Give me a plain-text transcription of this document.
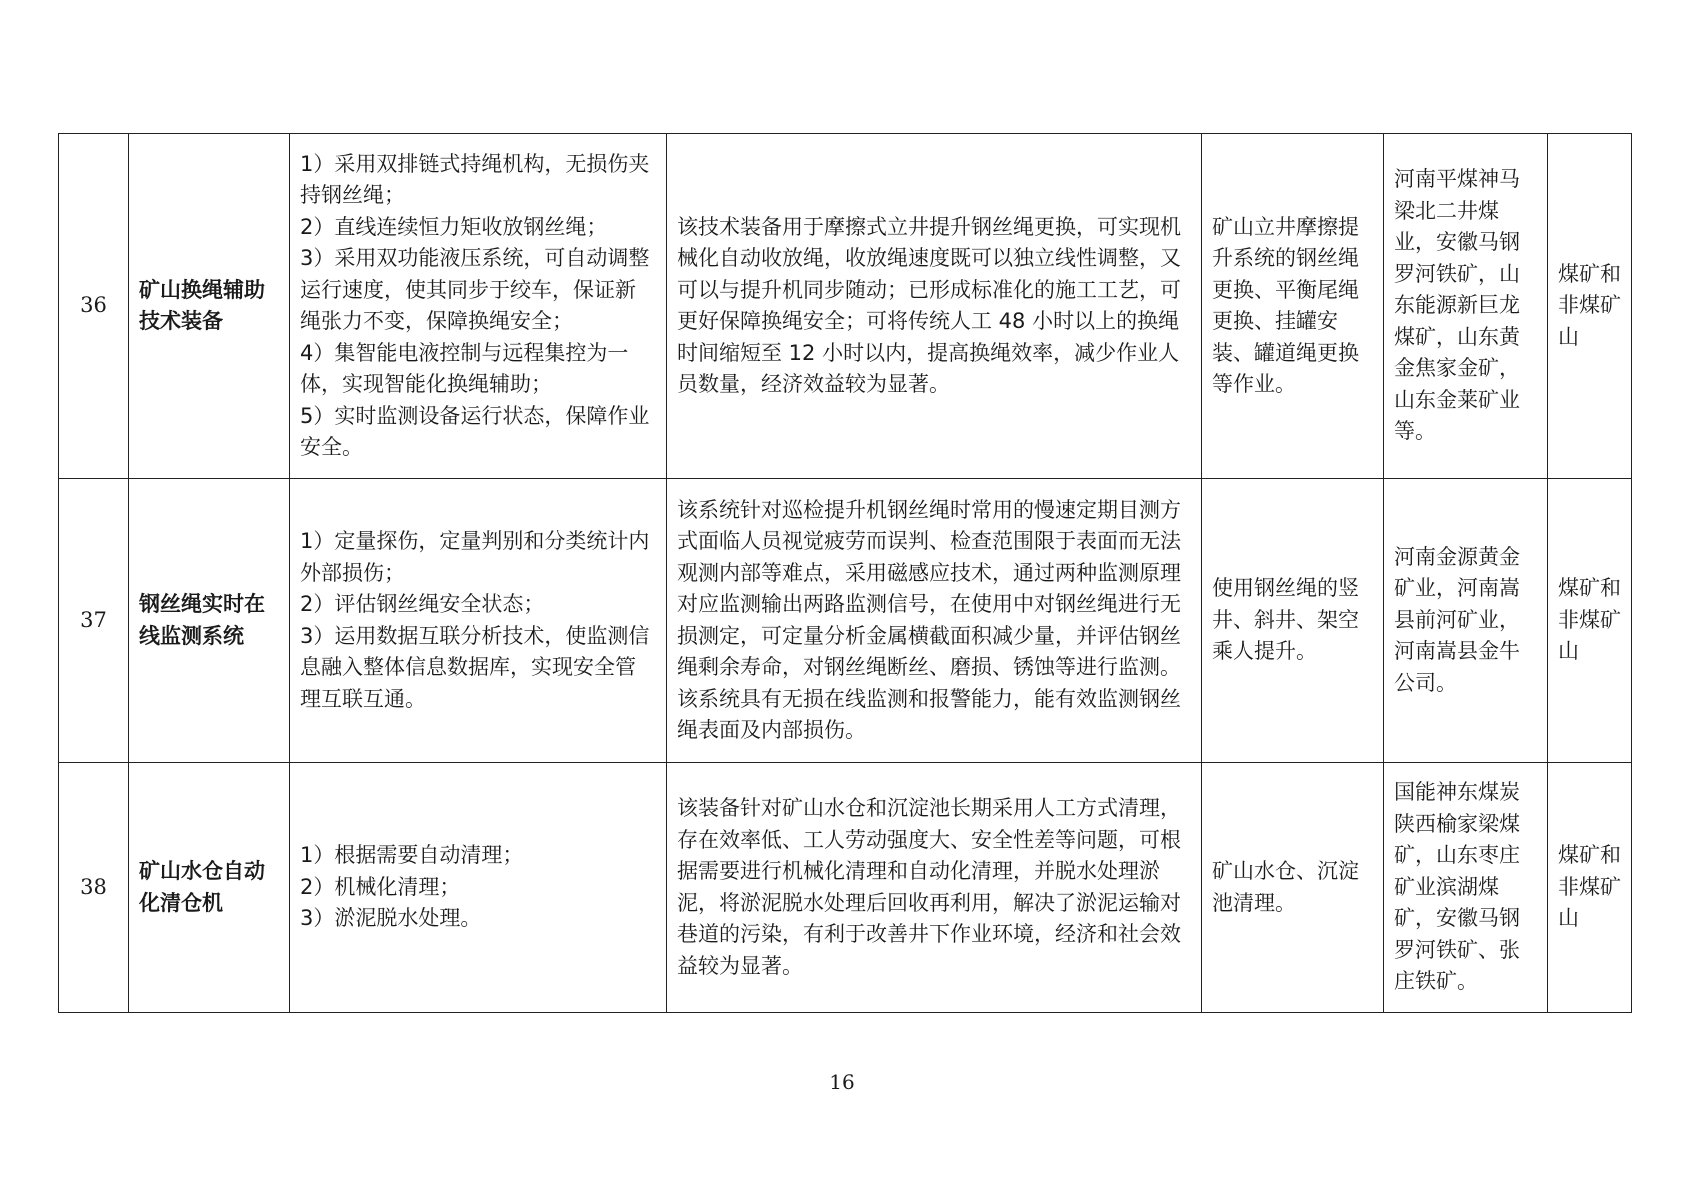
36	矿山换绳辅助技术装备	1）采用双排链式持绳机构，无损伤夹持钢丝绳；
2）直线连续恒力矩收放钢丝绳；
3）采用双功能液压系统，可自动调整运行速度，使其同步于绞车，保证新绳张力不变，保障换绳安全；
4）集智能电液控制与远程集控为一体，实现智能化换绳辅助；
5）实时监测设备运行状态，保障作业安全。	该技术装备用于摩擦式立井提升钢丝绳更换，可实现机械化自动收放绳，收放绳速度既可以独立线性调整，又可以与提升机同步随动；已形成标准化的施工工艺，可更好保障换绳安全；可将传统人工 48 小时以上的换绳时间缩短至 12 小时以内，提高换绳效率，减少作业人员数量，经济效益较为显著。	矿山立井摩擦提升系统的钢丝绳更换、平衡尾绳更换、挂罐安装、罐道绳更换等作业。	河南平煤神马梁北二井煤业，安徽马钢罗河铁矿，山东能源新巨龙煤矿，山东黄金焦家金矿，山东金莱矿业等。	煤矿和非煤矿山
37	钢丝绳实时在线监测系统	1）定量探伤，定量判别和分类统计内外部损伤；
2）评估钢丝绳安全状态；
3）运用数据互联分析技术，使监测信息融入整体信息数据库，实现安全管理互联互通。	该系统针对巡检提升机钢丝绳时常用的慢速定期目测方式面临人员视觉疲劳而误判、检查范围限于表面而无法观测内部等难点，采用磁感应技术，通过两种监测原理对应监测输出两路监测信号，在使用中对钢丝绳进行无损测定，可定量分析金属横截面积减少量，并评估钢丝绳剩余寿命，对钢丝绳断丝、磨损、锈蚀等进行监测。该系统具有无损在线监测和报警能力，能有效监测钢丝绳表面及内部损伤。	使用钢丝绳的竖井、斜井、架空乘人提升。	河南金源黄金矿业，河南嵩县前河矿业，河南嵩县金牛公司。	煤矿和非煤矿山
38	矿山水仓自动化清仓机	1）根据需要自动清理；
2）机械化清理；
3）淤泥脱水处理。	该装备针对矿山水仓和沉淀池长期采用人工方式清理，存在效率低、工人劳动强度大、安全性差等问题，可根据需要进行机械化清理和自动化清理，并脱水处理淤泥，将淤泥脱水处理后回收再利用，解决了淤泥运输对巷道的污染，有利于改善井下作业环境，经济和社会效益较为显著。	矿山水仓、沉淀池清理。	国能神东煤炭陕西榆家梁煤矿，山东枣庄矿业滨湖煤矿，安徽马钢罗河铁矿、张庄铁矿。	煤矿和非煤矿山
16
